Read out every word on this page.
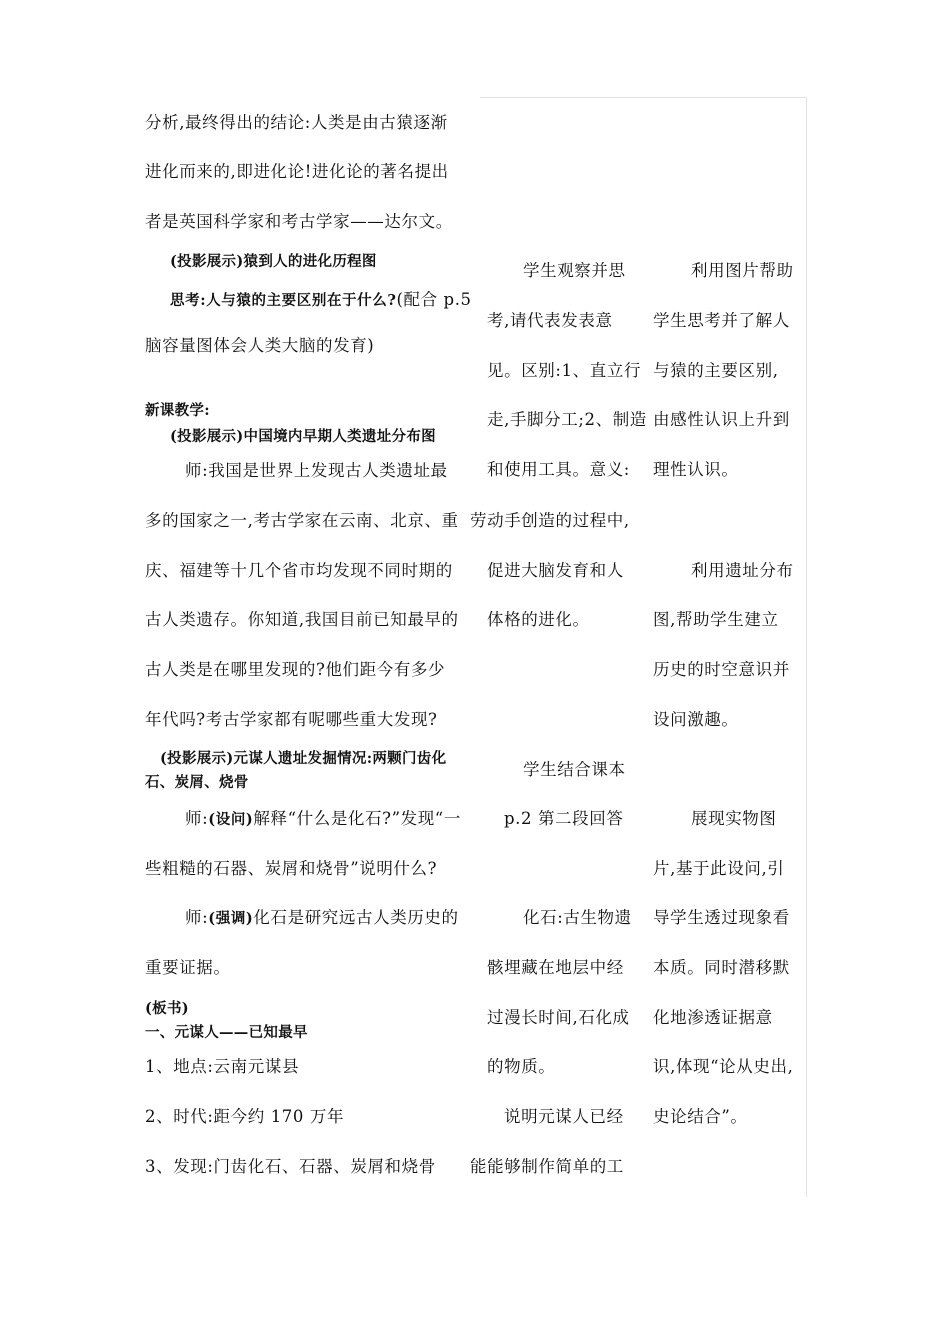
分析,最终得出的结论:人类是由古猿逐渐
进化而来的,即进化论!进化论的著名提出
者是英国科学家和考古学家——达尔文。
(投影展示)猿到人的进化历程图
思考:人与猿的主要区别在于什么?(配合 p.5
脑容量图体会人类大脑的发育)
新课教学:
(投影展示)中国境内早期人类遗址分布图
师:我国是世界上发现古人类遗址最
多的国家之一,考古学家在云南、北京、重
庆、福建等十几个省市均发现不同时期的
古人类遗存。你知道,我国目前已知最早的
古人类是在哪里发现的?他们距今有多少
年代吗?考古学家都有呢哪些重大发现?
(投影展示)元谋人遗址发掘情况:两颗门齿化
石、炭屑、烧骨
师:(设问)解释“什么是化石?”发现“一
些粗糙的石器、炭屑和烧骨”说明什么?
师:(强调)化石是研究远古人类历史的
重要证据。
(板书)
一、元谋人——已知最早
1、地点:云南元谋县
2、时代:距今约 170 万年
3、发现:门齿化石、石器、炭屑和烧骨
学生观察并思
考,请代表发表意
见。区别:1、直立行
走,手脚分工;2、制造
和使用工具。意义:
劳动手创造的过程中,
促进大脑发育和人
体格的进化。
学生结合课本
p.2 第二段回答
化石:古生物遗
骸埋藏在地层中经
过漫长时间,石化成
的物质。
说明元谋人已经
能能够制作简单的工
利用图片帮助
学生思考并了解人
与猿的主要区别,
由感性认识上升到
理性认识。
利用遗址分布
图,帮助学生建立
历史的时空意识并
设问激趣。
展现实物图
片,基于此设问,引
导学生透过现象看
本质。同时潜移默
化地渗透证据意
识,体现“论从史出,
史论结合”。
